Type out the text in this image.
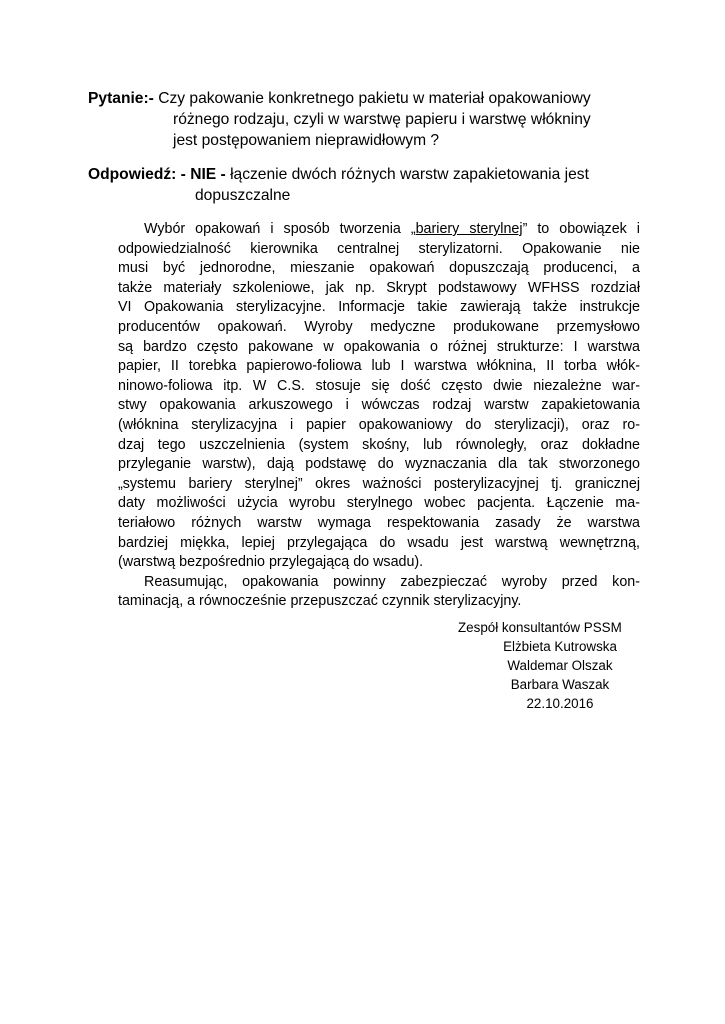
Pytanie:- Czy pakowanie konkretnego pakietu w materiał opakowaniowy
różnego rodzaju, czyli w warstwę papieru i warstwę włókniny
jest postępowaniem nieprawidłowym ?
Odpowiedź: - NIE - łączenie dwóch różnych warstw zapakietowania jest
dopuszczalne
Wybór opakowań i sposób tworzenia „bariery sterylnej” to obowiązek i
odpowiedzialność kierownika centralnej sterylizatorni. Opakowanie nie
musi być jednorodne, mieszanie opakowań dopuszczają producenci, a
także materiały szkoleniowe, jak np. Skrypt podstawowy WFHSS rozdział
VI Opakowania sterylizacyjne. Informacje takie zawierają także instrukcje
producentów opakowań. Wyroby medyczne produkowane przemysłowo
są bardzo często pakowane w opakowania o różnej strukturze: I warstwa
papier, II torebka papierowo-foliowa lub I warstwa włóknina, II torba włók-
ninowo-foliowa itp. W C.S. stosuje się dość często dwie niezależne war-
stwy opakowania arkuszowego i wówczas rodzaj warstw zapakietowania
(włóknina sterylizacyjna i papier opakowaniowy do sterylizacji), oraz ro-
dzaj tego uszczelnienia (system skośny, lub równoległy, oraz dokładne
przyleganie warstw), dają podstawę do wyznaczania dla tak stworzonego
„systemu bariery sterylnej” okres ważności posterylizacyjnej tj. granicznej
daty możliwości użycia wyrobu sterylnego wobec pacjenta. Łączenie ma-
teriałowo różnych warstw wymaga respektowania zasady że warstwa
bardziej miękka, lepiej przylegająca do wsadu jest warstwą wewnętrzną,
(warstwą bezpośrednio przylegającą do wsadu).
Reasumując, opakowania powinny zabezpieczać wyroby przed kon-
taminacją, a równocześnie przepuszczać czynnik sterylizacyjny.
Zespół konsultantów PSSM
Elżbieta Kutrowska
Waldemar Olszak
Barbara Waszak
22.10.2016
